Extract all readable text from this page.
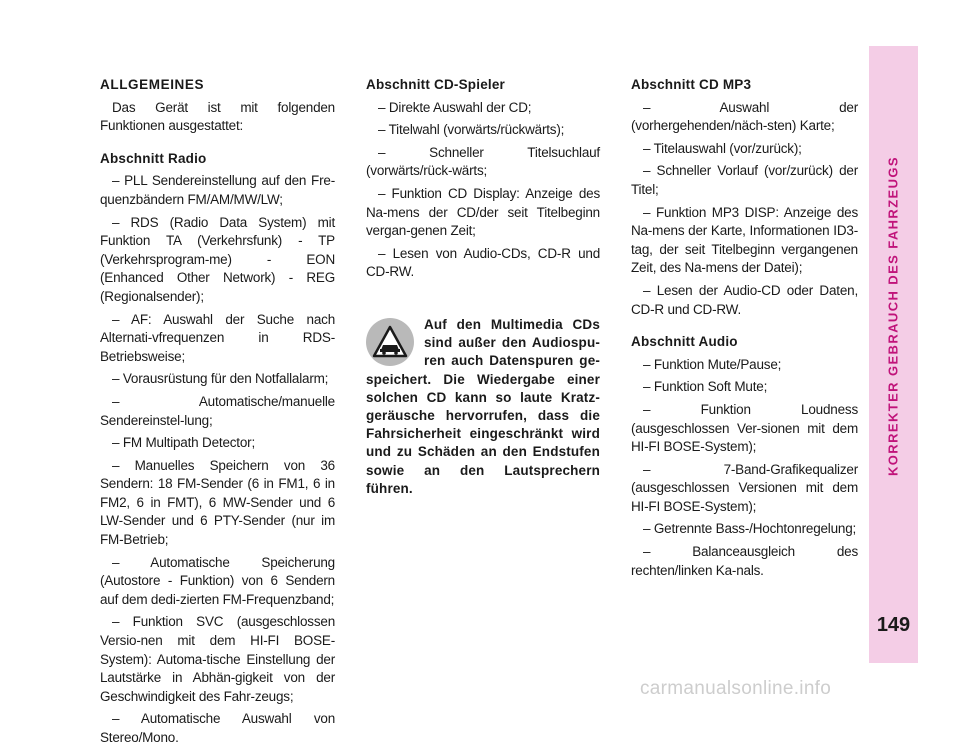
ALLGEMEINES

Das Gerät ist mit folgenden Funktionen ausgestattet:

Abschnitt Radio

– PLL Sendereinstellung auf den Fre-quenzbändern FM/AM/MW/LW;

– RDS (Radio Data System) mit Funktion TA (Verkehrsfunk) - TP (Verkehrsprogram-me) - EON (Enhanced Other Network) - REG (Regionalsender);

– AF: Auswahl der Suche nach Alternati-vfrequenzen in RDS-Betriebsweise;

– Vorausrüstung für den Notfallalarm;

– Automatische/manuelle Sendereinstel-lung;

– FM Multipath Detector;

– Manuelles Speichern von 36 Sendern: 18 FM-Sender (6 in FM1, 6 in FM2, 6 in FMT), 6 MW-Sender und 6 LW-Sender und 6 PTY-Sender (nur im FM-Betrieb;

– Automatische Speicherung (Autostore - Funktion) von 6 Sendern auf dem dedi-zierten FM-Frequenzband;

– Funktion SVC (ausgeschlossen Versio-nen mit dem HI-FI BOSE-System): Automa-tische Einstellung der Lautstärke in Abhän-gigkeit von der Geschwindigkeit des Fahr-zeugs;

– Automatische Auswahl von Stereo/Mono.

Abschnitt CD-Spieler

– Direkte Auswahl der CD;

– Titelwahl (vorwärts/rückwärts);

– Schneller Titelsuchlauf (vorwärts/rück-wärts;

– Funktion CD Display: Anzeige des Na-mens der CD/der seit Titelbeginn vergan-genen Zeit;

– Lesen von Audio-CDs, CD-R und CD-RW.

Auf den Multimedia CDs sind außer den Audiospu-ren auch Datenspuren ge-speichert. Die Wiedergabe einer solchen CD kann so laute Kratz-geräusche hervorrufen, dass die Fahrsicherheit eingeschränkt wird und zu Schäden an den Endstufen sowie an den Lautsprechern führen.
Abschnitt CD MP3

– Auswahl der (vorhergehenden/näch-sten) Karte;

– Titelauswahl (vor/zurück);

– Schneller Vorlauf (vor/zurück) der Titel;

– Funktion MP3 DISP: Anzeige des Na-mens der Karte, Informationen ID3-tag, der seit Titelbeginn vergangenen Zeit, des Na-mens der Datei);

– Lesen der Audio-CD oder Daten, CD-R und CD-RW.

Abschnitt Audio

– Funktion Mute/Pause;

– Funktion Soft Mute;

– Funktion Loudness (ausgeschlossen Ver-sionen mit dem HI-FI BOSE-System);

– 7-Band-Grafikequalizer (ausgeschlossen Versionen mit dem HI-FI BOSE-System);

– Getrennte Bass-/Hochtonregelung;

– Balanceausgleich des rechten/linken Ka-nals.

KORREKTER GEBRAUCH DES FAHRZEUGS
149
carmanualsonline.info
